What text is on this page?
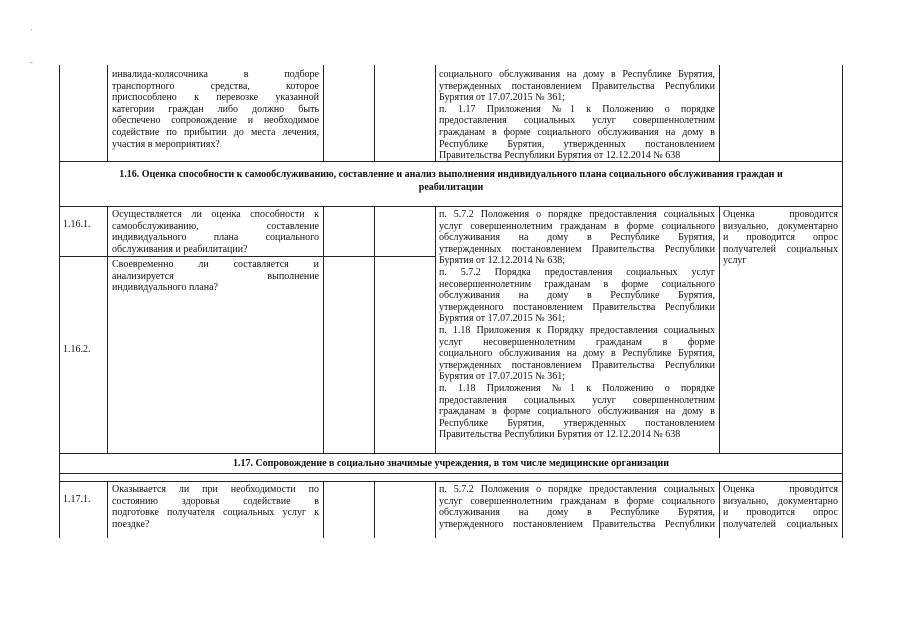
`
-
инвалида-колясочника в подборе
транспортного средства, которое
приспособлено к перевозке указанной
категории граждан либо должно быть
обеспечено сопровождение и необходимое
содействие по прибытии до места лечения,
участия в мероприятиях?
социального обслуживания на дому в Республике Бурятия,
утвержденных постановлением Правительства Республики
Бурятия от 17.07.2015 № 361;
п. 1.17 Приложения №1 к Положению о порядке
предоставления социальных услуг совершеннолетним
гражданам в форме социального обслуживания на дому в
Республике Бурятия, утвержденных постановлением
Правительства Республики Бурятия от 12.12.2014 № 638
1.16. Оценка способности к самообслуживанию, составление и анализ выполнения индивидуального плана социального обслуживания граждан и
реабилитации
1.16.1.
Осуществляется ли оценка способности к
самообслуживанию, составление
индивидуального плана социального
обслуживания и реабилитации?
1.16.2.
Своевременно ли составляется и
анализируется выполнение
индивидуального плана?
п. 5.7.2 Положения о порядке предоставления социальных
услуг совершеннолетним гражданам в форме социального
обслуживания на дому в Республике Бурятия,
утвержденных постановлением Правительства Республики
Бурятия от 12.12.2014 № 638;
п. 5.7.2 Порядка предоставления социальных услуг
несовершеннолетним гражданам в форме социального
обслуживания на дому в Республике Бурятия,
утвержденного постановлением Правительства Республики
Бурятия от 17.07.2015 № 361;
п. 1.18 Приложения к Порядку предоставления социальных
услуг несовершеннолетним гражданам в форме
социального обслуживания на дому в Республике Бурятия,
утвержденных постановлением Правительства Республики
Бурятия от 17.07.2015 № 361;
п. 1.18 Приложения №1 к Положению о порядке
предоставления социальных услуг совершеннолетним
гражданам в форме социального обслуживания на дому в
Республике Бурятия, утвержденных постановлением
Правительства Республики Бурятия от 12.12.2014 № 638
Оценка проводится
визуально, документарно
и проводится опрос
получателей социальных
услуг
1.17. Сопровождение в социально значимые учреждения, в том числе медицинские организации
1.17.1.
Оказывается ли при необходимости по
состоянию здоровья содействие в
подготовке получателя социальных услуг к
поездке?
п. 5.7.2 Положения о порядке предоставления социальных
услуг совершеннолетним гражданам в форме социального
обслуживания на дому в Республике Бурятия,
утвержденного постановлением Правительства Республики
Оценка проводится
визуально, документарно
и проводится опрос
получателей социальных
